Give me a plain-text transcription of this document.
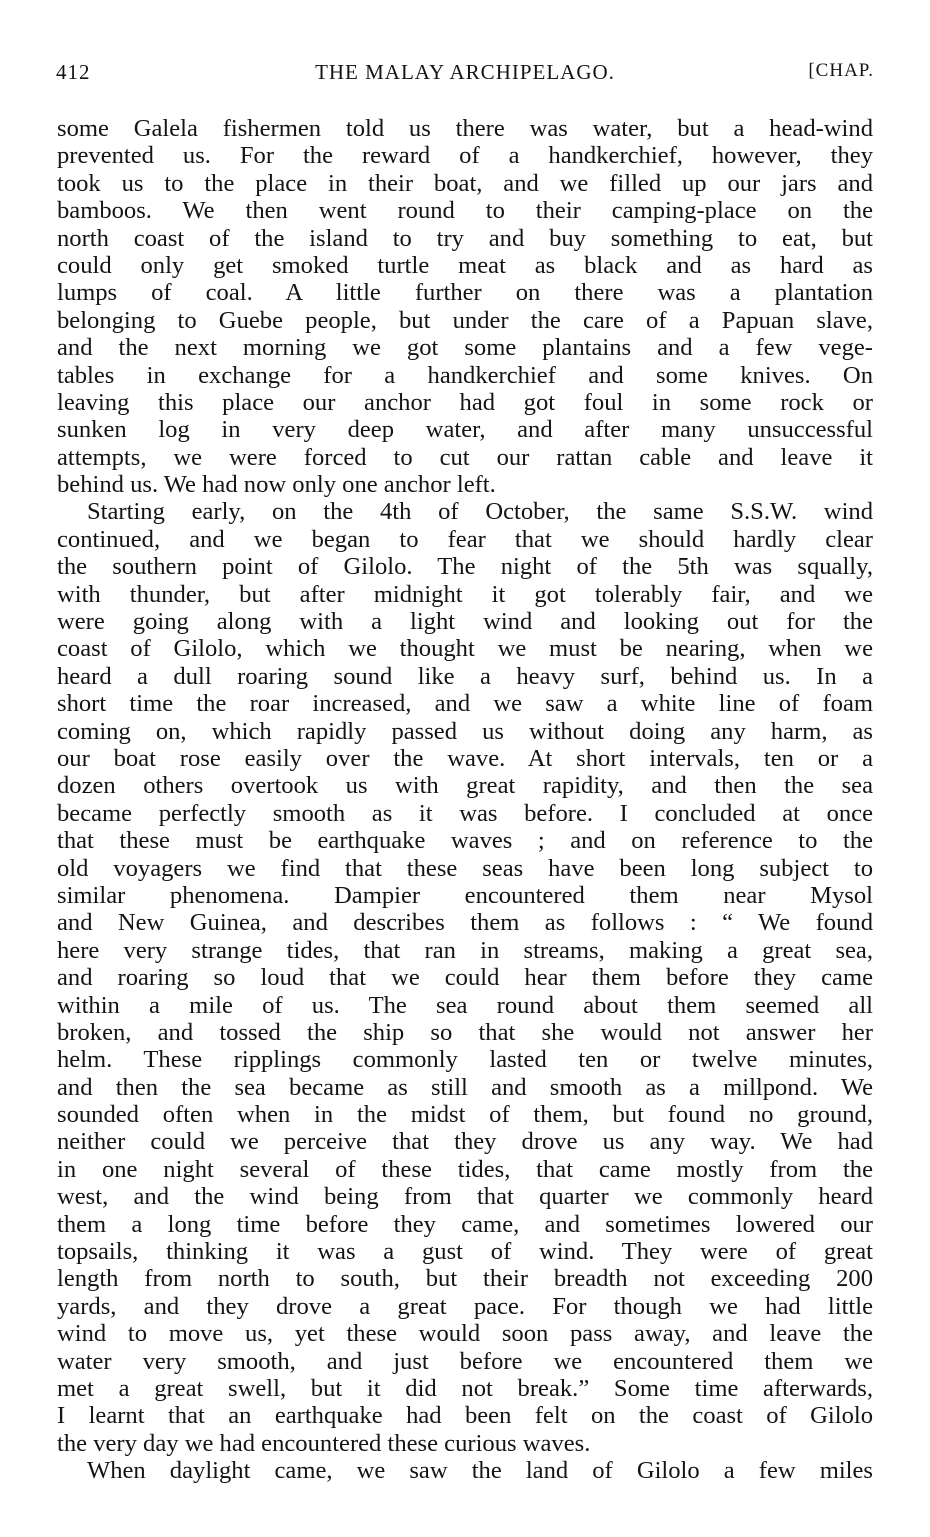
412	THE MALAY ARCHIPELAGO.	[CHAP.
some Galela fishermen told us there was water, but a head-wind
prevented us. For the reward of a handkerchief, however, they
took us to the place in their boat, and we filled up our jars and
bamboos. We then went round to their camping-place on the
north coast of the island to try and buy something to eat, but
could only get smoked turtle meat as black and as hard as
lumps of coal. A little further on there was a plantation
belonging to Guebe people, but under the care of a Papuan slave,
and the next morning we got some plantains and a few vege-
tables in exchange for a handkerchief and some knives. On
leaving this place our anchor had got foul in some rock or
sunken log in very deep water, and after many unsuccessful
attempts, we were forced to cut our rattan cable and leave it
behind us. We had now only one anchor left.
Starting early, on the 4th of October, the same S.S.W. wind
continued, and we began to fear that we should hardly clear
the southern point of Gilolo. The night of the 5th was squally,
with thunder, but after midnight it got tolerably fair, and we
were going along with a light wind and looking out for the
coast of Gilolo, which we thought we must be nearing, when we
heard a dull roaring sound like a heavy surf, behind us. In a
short time the roar increased, and we saw a white line of foam
coming on, which rapidly passed us without doing any harm, as
our boat rose easily over the wave. At short intervals, ten or a
dozen others overtook us with great rapidity, and then the sea
became perfectly smooth as it was before. I concluded at once
that these must be earthquake waves ; and on reference to the
old voyagers we find that these seas have been long subject to
similar phenomena. Dampier encountered them near Mysol
and New Guinea, and describes them as follows : “ We found
here very strange tides, that ran in streams, making a great sea,
and roaring so loud that we could hear them before they came
within a mile of us. The sea round about them seemed all
broken, and tossed the ship so that she would not answer her
helm. These ripplings commonly lasted ten or twelve minutes,
and then the sea became as still and smooth as a millpond. We
sounded often when in the midst of them, but found no ground,
neither could we perceive that they drove us any way. We had
in one night several of these tides, that came mostly from the
west, and the wind being from that quarter we commonly heard
them a long time before they came, and sometimes lowered our
topsails, thinking it was a gust of wind. They were of great
length from north to south, but their breadth not exceeding 200
yards, and they drove a great pace. For though we had little
wind to move us, yet these would soon pass away, and leave the
water very smooth, and just before we encountered them we
met a great swell, but it did not break.” Some time afterwards,
I learnt that an earthquake had been felt on the coast of Gilolo
the very day we had encountered these curious waves.
When daylight came, we saw the land of Gilolo a few miles
